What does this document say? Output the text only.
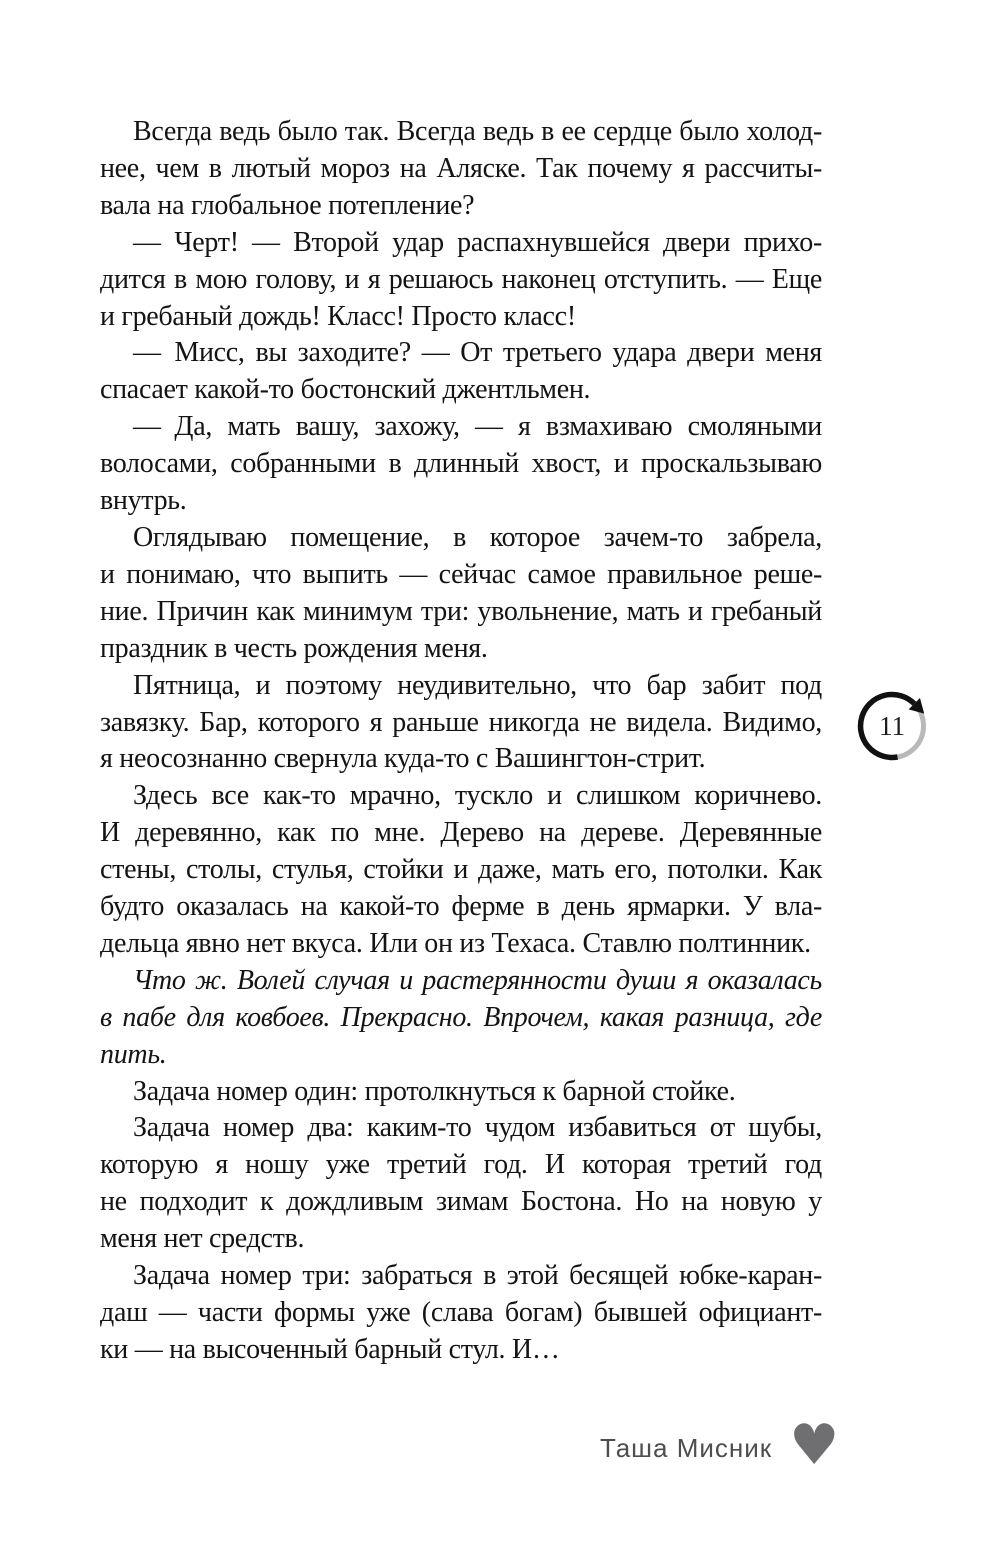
Всегда ведь было так. Всегда ведь в ее сердце было холод-
нее, чем в лютый мороз на Аляске. Так почему я рассчиты-
вала на глобальное потепление?
— Черт! — Второй удар распахнувшейся двери прихо-
дится в мою голову, и я решаюсь наконец отступить. — Еще
и гребаный дождь! Класс! Просто класс!
— Мисс, вы заходите? — От третьего удара двери меня
спасает какой-то бостонский джентльмен.
— Да, мать вашу, захожу, — я взмахиваю смоляными
волосами, собранными в длинный хвост, и проскальзываю
внутрь.
Оглядываю помещение, в которое зачем-то забрела,
и понимаю, что выпить — сейчас самое правильное реше-
ние. Причин как минимум три: увольнение, мать и гребаный
праздник в честь рождения меня.
Пятница, и поэтому неудивительно, что бар забит под
завязку. Бар, которого я раньше никогда не видела. Видимо,
я неосознанно свернула куда-то с Вашингтон-стрит.
Здесь все как-то мрачно, тускло и слишком коричнево.
И деревянно, как по мне. Дерево на дереве. Деревянные
стены, столы, стулья, стойки и даже, мать его, потолки. Как
будто оказалась на какой-то ферме в день ярмарки. У вла-
дельца явно нет вкуса. Или он из Техаса. Ставлю полтинник.
Что ж. Волей случая и растерянности души я оказалась
в пабе для ковбоев. Прекрасно. Впрочем, какая разница, где
пить.
Задача номер один: протолкнуться к барной стойке.
Задача номер два: каким-то чудом избавиться от шубы,
которую я ношу уже третий год. И которая третий год
не подходит к дождливым зимам Бостона. Но на новую у
меня нет средств.
Задача номер три: забраться в этой бесящей юбке-каран-
даш — части формы уже (слава богам) бывшей официант-
ки — на высоченный барный стул. И…
11
Таша Мисник ♥
